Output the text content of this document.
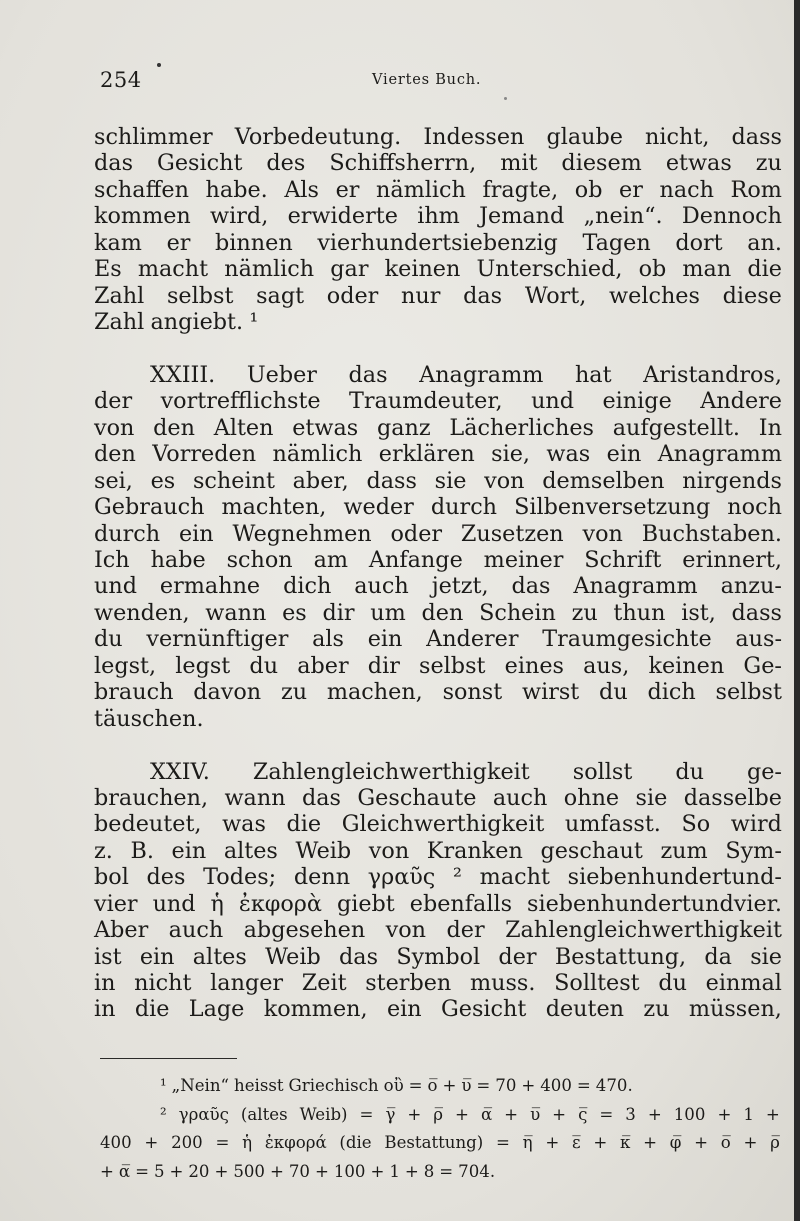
254	Viertes Buch.
schlimmer Vorbedeutung. Indessen glaube nicht, dass
das Gesicht des Schiffsherrn, mit diesem etwas zu
schaffen habe. Als er nämlich fragte, ob er nach Rom
kommen wird, erwiderte ihm Jemand „nein“. Dennoch
kam er binnen vierhundertsiebenzig Tagen dort an.
Es macht nämlich gar keinen Unterschied, ob man die
Zahl selbst sagt oder nur das Wort, welches diese
Zahl angiebt. ¹
XXIII. Ueber das Anagramm hat Aristandros,
der vortrefflichste Traumdeuter, und einige Andere
von den Alten etwas ganz Lächerliches aufgestellt. In
den Vorreden nämlich erklären sie, was ein Anagramm
sei, es scheint aber, dass sie von demselben nirgends
Gebrauch machten, weder durch Silbenversetzung noch
durch ein Wegnehmen oder Zusetzen von Buchstaben.
Ich habe schon am Anfange meiner Schrift erinnert,
und ermahne dich auch jetzt, das Anagramm anzu-
wenden, wann es dir um den Schein zu thun ist, dass
du vernünftiger als ein Anderer Traumgesichte aus-
legst, legst du aber dir selbst eines aus, keinen Ge-
brauch davon zu machen, sonst wirst du dich selbst
täuschen.
XXIV. Zahlengleichwerthigkeit sollst du ge-
brauchen, wann das Geschaute auch ohne sie dasselbe
bedeutet, was die Gleichwerthigkeit umfasst. So wird
z. B. ein altes Weib von Kranken geschaut zum Sym-
bol des Todes; denn γραῦς ² macht siebenhundertund-
vier und ἡ ἐκφορὰ giebt ebenfalls siebenhundertundvier.
Aber auch abgesehen von der Zahlengleichwerthigkeit
ist ein altes Weib das Symbol der Bestattung, da sie
in nicht langer Zeit sterben muss. Solltest du einmal
in die Lage kommen, ein Gesicht deuten zu müssen,
¹ „Nein“ heisst Griechisch οὒ = ο̅ + υ̅ = 70 + 400 = 470.
² γραῦς (altes Weib) = γ̅ + ρ̅ + α̅ + υ̅ + ς̅ = 3 + 100 + 1 +
400 + 200 = ἡ ἐκφορά (die Bestattung) = η̅ + ε̅ + κ̅ + φ̅ + ο̅ + ρ̅
+ α̅ = 5 + 20 + 500 + 70 + 100 + 1 + 8 = 704.
